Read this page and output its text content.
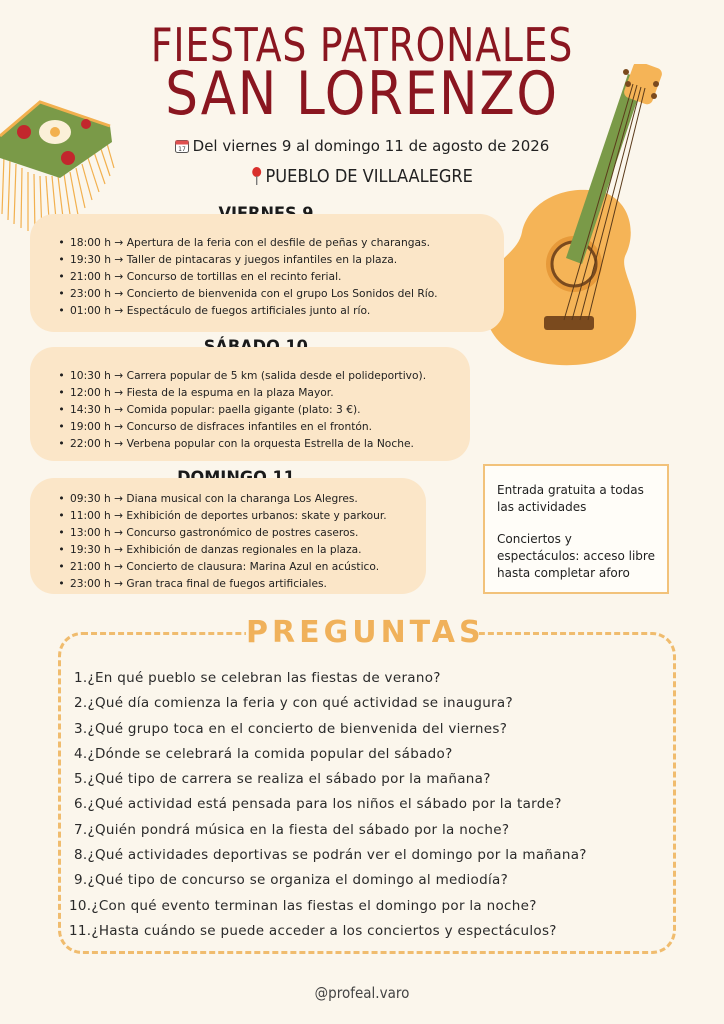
FIESTAS PATRONALES
SAN LORENZO
17 Del viernes 9 al domingo 11 de agosto de 2026
PUEBLO DE VILLAALEGRE
• 18:00 h → Apertura de la feria con el desfile de peñas y charangas.
• 19:30 h → Taller de pintacaras y juegos infantiles en la plaza.
• 21:00 h → Concurso de tortillas en el recinto ferial.
• 23:00 h → Concierto de bienvenida con el grupo Los Sonidos del Río.
• 01:00 h → Espectáculo de fuegos artificiales junto al río.
• 10:30 h → Carrera popular de 5 km (salida desde el polideportivo).
• 12:00 h → Fiesta de la espuma en la plaza Mayor.
• 14:30 h → Comida popular: paella gigante (plato: 3 €).
• 19:00 h → Concurso de disfraces infantiles en el frontón.
• 22:00 h → Verbena popular con la orquesta Estrella de la Noche.
• 09:30 h → Diana musical con la charanga Los Alegres.
• 11:00 h → Exhibición de deportes urbanos: skate y parkour.
• 13:00 h → Concurso gastronómico de postres caseros.
• 19:30 h → Exhibición de danzas regionales en la plaza.
• 21:00 h → Concierto de clausura: Marina Azul en acústico.
• 23:00 h → Gran traca final de fuegos artificiales.

Entrada gratuita a todas las actividades

Conciertos y espectáculos: acceso libre hasta completar aforo

PREGUNTAS
1.¿En qué pueblo se celebran las fiestas de verano?
2.¿Qué día comienza la feria y con qué actividad se inaugura?
3.¿Qué grupo toca en el concierto de bienvenida del viernes?
4.¿Dónde se celebrará la comida popular del sábado?
5.¿Qué tipo de carrera se realiza el sábado por la mañana?
6.¿Qué actividad está pensada para los niños el sábado por la tarde?
7.¿Quién pondrá música en la fiesta del sábado por la noche?
8.¿Qué actividades deportivas se podrán ver el domingo por la mañana?
9.¿Qué tipo de concurso se organiza el domingo al mediodía?
10.¿Con qué evento terminan las fiestas el domingo por la noche?
11.¿Hasta cuándo se puede acceder a los conciertos y espectáculos?
@profeal.varo
